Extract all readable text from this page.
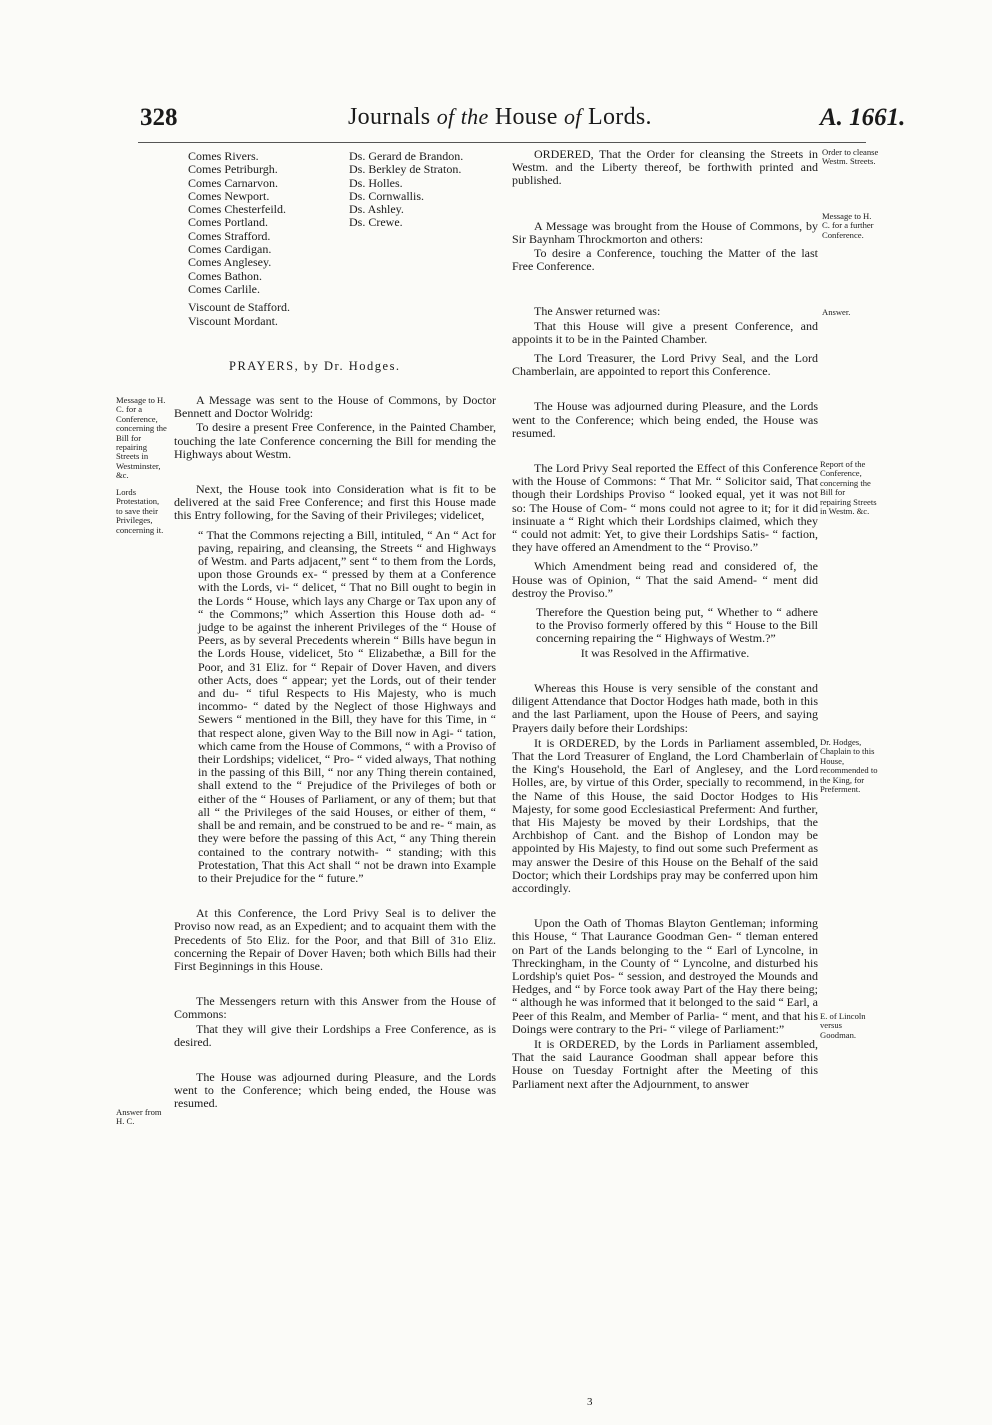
328	Journals of the House of Lords.	A. 1661.
Comes Rivers.
Comes Petriburgh.
Comes Carnarvon.
Comes Newport.
Comes Chesterfeild.
Comes Portland.
Comes Strafford.
Comes Cardigan.
Comes Anglesey.
Comes Bathon.
Comes Carlile.
Viscount de Stafford.
Viscount Mordant.
Ds. Gerard de Brandon.
Ds. Berkley de Straton.
Ds. Holles.
Ds. Cornwallis.
Ds. Ashley.
Ds. Crewe.
PRAYERS, by Dr. Hodges.
Message to H. C. for a Conference, concerning the Bill for repairing Streets in Westminster, &c.
Lords Protestation, to save their Privileges, concerning it.
Answer from H. C.

A Message was sent to the House of Commons, by Doctor Bennett and Doctor Wolridg:

To desire a present Free Conference, in the Painted Chamber, touching the late Conference concerning the Bill for mending the Highways about Westm.

Next, the House took into Consideration what is fit to be delivered at the said Free Conference; and first this House made this Entry following, for the Saving of their Privileges; videlicet,

“ That the Commons rejecting a Bill, intituled, “ An “ Act for paving, repairing, and cleansing, the Streets “ and Highways of Westm. and Parts adjacent,” sent “ to them from the Lords, upon those Grounds ex- “ pressed by them at a Conference with the Lords, vi- “ delicet, “ That no Bill ought to begin in the Lords “ House, which lays any Charge or Tax upon any of “ the Commons;” which Assertion this House doth ad- “ judge to be against the inherent Privileges of the “ House of Peers, as by several Precedents wherein “ Bills have begun in the Lords House, videlicet, 5to “ Elizabethæ, a Bill for the Poor, and 31 Eliz. for “ Repair of Dover Haven, and divers other Acts, does “ appear; yet the Lords, out of their tender and du- “ tiful Respects to His Majesty, who is much incommo- “ dated by the Neglect of those Highways and Sewers “ mentioned in the Bill, they have for this Time, in “ that respect alone, given Way to the Bill now in Agi- “ tation, which came from the House of Commons, “ with a Proviso of their Lordships; videlicet, “ Pro- “ vided always, That nothing in the passing of this Bill, “ nor any Thing therein contained, shall extend to the “ Prejudice of the Privileges of both or either of the “ Houses of Parliament, or any of them; but that all “ the Privileges of the said Houses, or either of them, “ shall be and remain, and be construed to be and re- “ main, as they were before the passing of this Act, “ any Thing therein contained to the contrary notwith- “ standing; with this Protestation, That this Act shall “ not be drawn into Example to their Prejudice for the “ future.”

At this Conference, the Lord Privy Seal is to deliver the Proviso now read, as an Expedient; and to acquaint them with the Precedents of 5to Eliz. for the Poor, and that Bill of 31o Eliz. concerning the Repair of Dover Haven; both which Bills had their First Beginnings in this House.

The Messengers return with this Answer from the House of Commons:

That they will give their Lordships a Free Conference, as is desired.

The House was adjourned during Pleasure, and the Lords went to the Conference; which being ended, the House was resumed.

Order to cleanse Westm. Streets.
Message to H. C. for a further Conference.
Answer.
Report of the Conference, concerning the Bill for repairing Streets in Westm. &c.
Dr. Hodges, Chaplain to this House, recommended to the King, for Preferment.
E. of Lincoln versus Goodman.

ORDERED, That the Order for cleansing the Streets in Westm. and the Liberty thereof, be forthwith printed and published.

A Message was brought from the House of Commons, by Sir Baynham Throckmorton and others:

To desire a Conference, touching the Matter of the last Free Conference.

The Answer returned was:

That this House will give a present Conference, and appoints it to be in the Painted Chamber.

The Lord Treasurer, the Lord Privy Seal, and the Lord Chamberlain, are appointed to report this Conference.

The House was adjourned during Pleasure, and the Lords went to the Conference; which being ended, the House was resumed.

The Lord Privy Seal reported the Effect of this Conference with the House of Commons: “ That Mr. “ Solicitor said, That though their Lordships Proviso “ looked equal, yet it was not so: The House of Com- “ mons could not agree to it; for it did insinuate a “ Right which their Lordships claimed, which they “ could not admit: Yet, to give their Lordships Satis- “ faction, they have offered an Amendment to the “ Proviso.”

Which Amendment being read and considered of, the House was of Opinion, “ That the said Amend- “ ment did destroy the Proviso.”

Therefore the Question being put, “ Whether to “ adhere to the Proviso formerly offered by this “ House to the Bill concerning repairing the “ Highways of Westm.?”

It was Resolved in the Affirmative.

Whereas this House is very sensible of the constant and diligent Attendance that Doctor Hodges hath made, both in this and the last Parliament, upon the House of Peers, and saying Prayers daily before their Lordships:

It is ORDERED, by the Lords in Parliament assembled, That the Lord Treasurer of England, the Lord Chamberlain of the King's Household, the Earl of Anglesey, and the Lord Holles, are, by virtue of this Order, specially to recommend, in the Name of this House, the said Doctor Hodges to His Majesty, for some good Ecclesiastical Preferment: And further, that His Majesty be moved by their Lordships, that the Archbishop of Cant. and the Bishop of London may be appointed by His Majesty, to find out some such Preferment as may answer the Desire of this House on the Behalf of the said Doctor; which their Lordships pray may be conferred upon him accordingly.

Upon the Oath of Thomas Blayton Gentleman; informing this House, “ That Laurance Goodman Gen- “ tleman entered on Part of the Lands belonging to the “ Earl of Lyncolne, in Threckingham, in the County of “ Lyncolne, and disturbed his Lordship's quiet Pos- “ session, and destroyed the Mounds and Hedges, and “ by Force took away Part of the Hay there being; “ although he was informed that it belonged to the said “ Earl, a Peer of this Realm, and Member of Parlia- “ ment, and that his Doings were contrary to the Pri- “ vilege of Parliament:”

It is ORDERED, by the Lords in Parliament assembled, That the said Laurance Goodman shall appear before this House on Tuesday Fortnight after the Meeting of this Parliament next after the Adjournment, to answer

3
